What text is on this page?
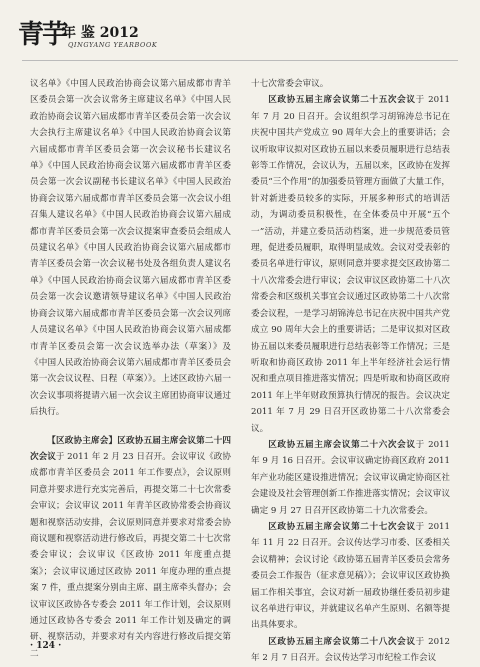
青芋
年 鉴 2012
QINGYANG YEARBOOK

议名单》《中国人民政治协商会议第六届成都市青羊区委员会第一次会议常务主席建议名单》《中国人民政治协商会议第六届成都市青羊区委员会第一次会议大会执行主席建议名单》《中国人民政治协商会议第六届成都市青羊区委员会第一次会议秘书长建议名单》《中国人民政治协商会议第六届成都市青羊区委员会第一次会议副秘书长建议名单》《中国人民政治协商会议第六届成都市青羊区委员会第一次会议小组召集人建议名单》《中国人民政治协商会议第六届成都市青羊区委员会第一次会议提案审查委员会组成人员建议名单》《中国人民政治协商会议第六届成都市青羊区委员会第一次会议秘书处及各组负责人建议名单》《中国人民政治协商会议第六届成都市青羊区委员会第一次会议邀请领导建议名单》《中国人民政治协商会议第六届成都市青羊区委员会第一次会议列席人员建议名单》《中国人民政治协商会议第六届成都市青羊区委员会第一次会议选举办法（草案）》及《中国人民政治协商会议第六届成都市青羊区委员会第一次会议议程、日程（草案）》。上述区政协六届一次会议事项将提请六届一次会议主席团协商审议通过后执行。

【区政协主席会】区政协五届主席会议第二十四次会议于 2011 年 2 月 23 日召开。会议审议《政协成都市青羊区委员会 2011 年工作要点》，会议原则同意并要求进行充实完善后，再提交第二十七次常委会审议；会议审议 2011 年青羊区政协常委会协商议题和视察活动安排，会议原则同意并要求对常委会协商议题和视察活动进行修改后，再提交第二十七次常委会审议；会议审议《区政协 2011 年度重点提案》；会议审议通过区政协 2011 年度办理的重点提案 7 件，重点提案分别由主席、副主席牵头督办；会议审议区政协各专委会 2011 年工作计划，会议原则通过区政协各专委会 2011 年工作计划及确定的调研、视察活动，并要求对有关内容进行修改后提交第二

十七次常委会审议。

区政协五届主席会议第二十五次会议于 2011 年 7 月 20 日召开。会议组织学习胡锦涛总书记在庆祝中国共产党成立 90 周年大会上的重要讲话；会议听取审议拟对区政协五届以来委员履职进行总结表彰等工作情况，会议认为，五届以来，区政协在发挥委员“三个作用”的加强委员管理方面做了大量工作，针对新进委员较多的实际，开展多种形式的培训活动，为调动委员积极性，在全体委员中开展“五个一”活动，并建立委员活动档案，进一步规范委员管理，促进委员履职，取得明显成效。会议对受表彰的委员名单进行审议，原则同意并要求提交区政协第二十八次常委会进行审议；会议审议区政协第二十八次常委会和区级机关事宜会议通过区政协第二十八次常委会议程，一是学习胡锦涛总书记在庆祝中国共产党成立 90 周年大会上的重要讲话；二是审议拟对区政协五届以来委员履职进行总结表彰等工作情况；三是听取和协商区政协 2011 年上半年经济社会运行情况和重点项目推进落实情况；四是听取和协商区政府 2011 年上半年财政预算执行情况的报告。会议决定 2011 年 7 月 29 日召开区政协第二十八次常委会议。

区政协五届主席会议第二十六次会议于 2011 年 9 月 16 日召开。会议审议确定协商区政府 2011 年产业功能区建设推进情况；会议审议确定协商区社会建设及社会管理创新工作推进落实情况；会议审议确定 9 月 27 日召开区政协第二十九次常委会。

区政协五届主席会议第二十七次会议于 2011 年 11 月 22 日召开。会议传达学习市委、区委相关会议精神；会议讨论《政协第五届青羊区委员会常务委员会工作报告（征求意见稿）》；会议审议区政协换届工作相关事宜，会议对新一届政协继任委员初步建议名单进行审议，并就建议名单产生原则、名额等提出具体要求。

区政协五届主席会议第二十八次会议于 2012 年 2 月 7 日召开。会议传达学习市纪检工作会议

· 124 ·
